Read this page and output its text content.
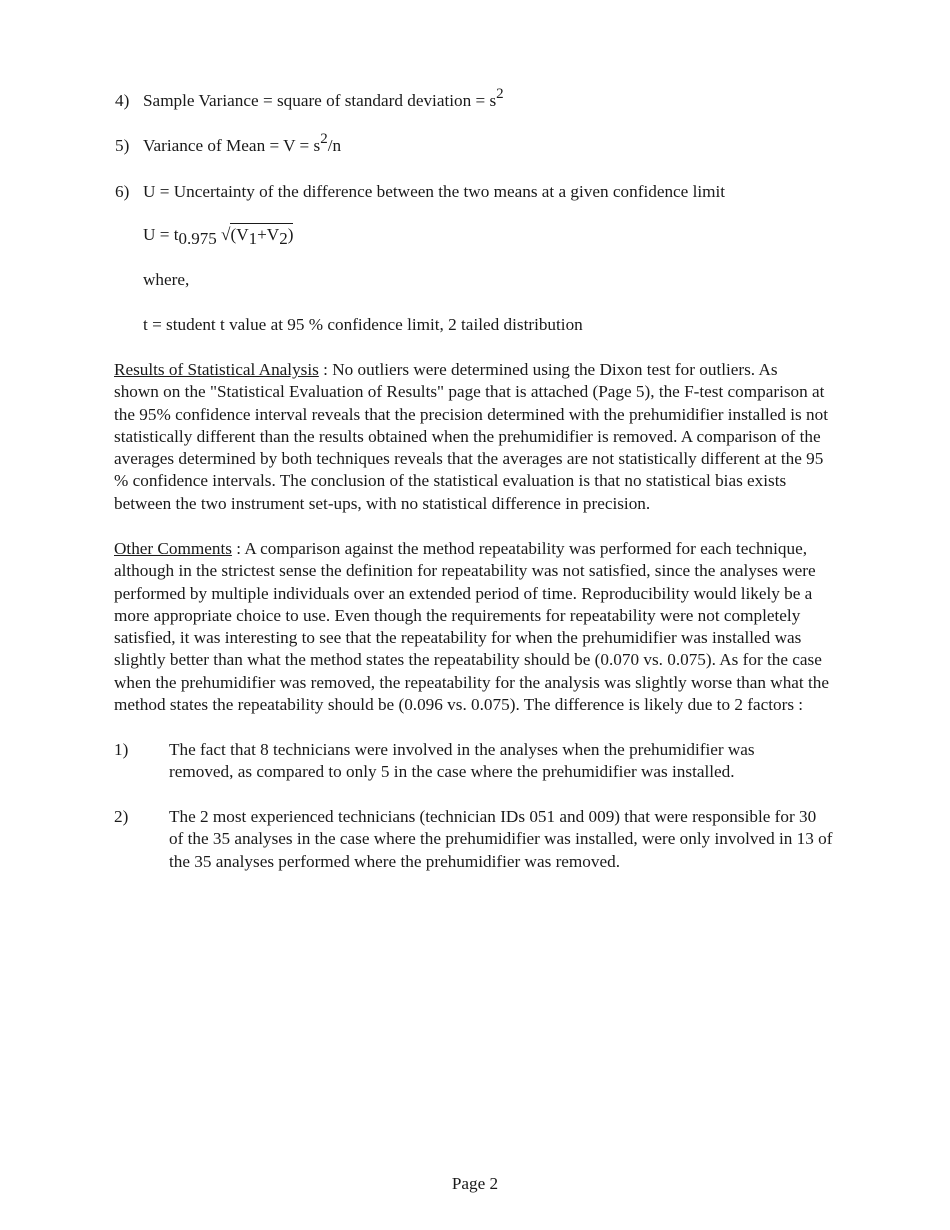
4) Sample Variance = square of standard deviation = $s^2$
5) Variance of Mean = $V = s^2/n$
6) U = Uncertainty of the difference between the two means at a given confidence limit
$U = t_{0.975}$ $√(V_1+V_2)$
where,
t = student t value at 95 % confidence limit, 2 tailed distribution
Results of Statistical Analysis : No outliers were determined using the Dixon test for outliers. As
shown on the "Statistical Evaluation of Results" page that is attached (Page 5), the F-test comparison at
the 95% confidence interval reveals that the precision determined with the prehumidifier installed is not
statistically different than the results obtained when the prehumidifier is removed. A comparison of the
averages determined by both techniques reveals that the averages are not statistically different at the 95
% confidence intervals. The conclusion of the statistical evaluation is that no statistical bias exists
between the two instrument set-ups, with no statistical difference in precision.
Other Comments : A comparison against the method repeatability was performed for each technique,
although in the strictest sense the definition for repeatability was not satisfied, since the analyses were
performed by multiple individuals over an extended period of time. Reproducibility would likely be a
more appropriate choice to use. Even though the requirements for repeatability were not completely
satisfied, it was interesting to see that the repeatability for when the prehumidifier was installed was
slightly better than what the method states the repeatability should be (0.070 vs. 0.075). As for the case
when the prehumidifier was removed, the repeatability for the analysis was slightly worse than what the
method states the repeatability should be (0.096 vs. 0.075). The difference is likely due to 2 factors :
1) The fact that 8 technicians were involved in the analyses when the prehumidifier was
removed, as compared to only 5 in the case where the prehumidifier was installed.
2) The 2 most experienced technicians (technician IDs 051 and 009) that were responsible for 30
of the 35 analyses in the case where the prehumidifier was installed, were only involved in 13 of
the 35 analyses performed where the prehumidifier was removed.
Page 2
